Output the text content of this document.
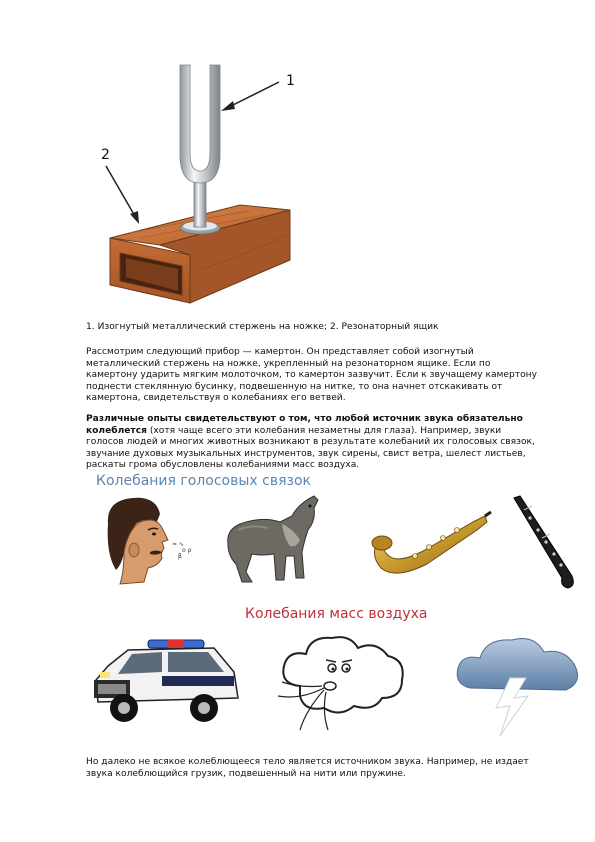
1
2
1. Изогнутый металлический стержень на ножке; 2. Резонаторный ящик
Рассмотрим следующий прибор — камертон. Он представляет собой изогнутый металлический стержень на ножке, укрепленный на резонаторном ящике. Если по камертону ударить мягким молоточком, то камертон зазвучит. Если к звучащему камертону поднести стеклянную бусинку, подвешенную на нитке, то она начнет отскакивать от камертона, свидетельствуя о колебаниях его ветвей.
Различные опыты свидетельствуют о том, что любой источник звука обязательно колеблется (хотя чаще всего эти колебания незаметны для глаза). Например, звуки голосов людей и многих животных возникают в результате колебаний их голосовых связок, звучание духовых музыкальных инструментов, звук сирены, свист ветра, шелест листьев, раскаты грома обусловлены колебаниями масс воздуха.
Колебания голосовых связок
≈ ∿
ο ρ
β
Колебания масс воздуха
Но далеко не всякое колеблющееся тело является источником звука. Например, не издает звука колеблющийся грузик, подвешенный на нити или пружине.
